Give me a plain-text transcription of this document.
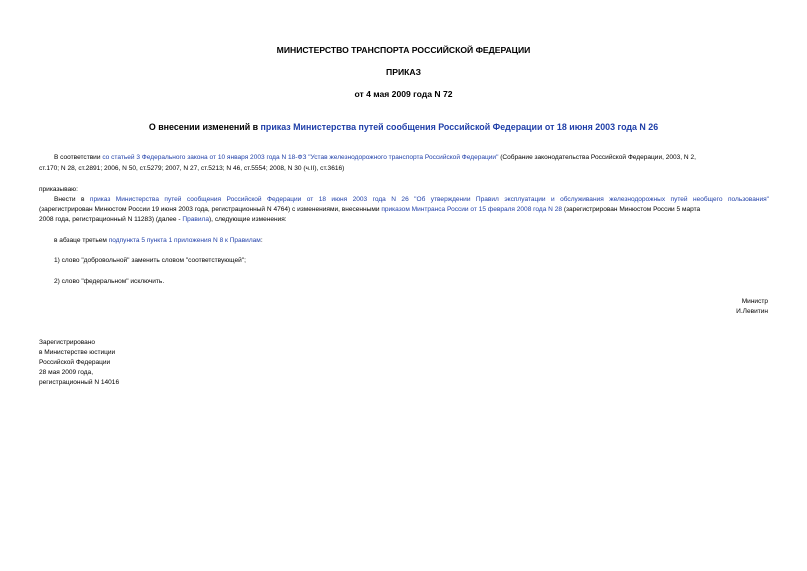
МИНИСТЕРСТВО ТРАНСПОРТА РОССИЙСКОЙ ФЕДЕРАЦИИ
ПРИКАЗ
от 4 мая 2009 года N 72
О внесении изменений в приказ Министерства путей сообщения Российской Федерации от 18 июня 2003 года N 26
В соответствии со статьей 3 Федерального закона от 10 января 2003 года N 18-ФЗ "Устав железнодорожного транспорта Российской Федерации" (Собрание законодательства Российской Федерации, 2003, N 2,
ст.170; N 28, ст.2891; 2006, N 50, ст.5279; 2007, N 27, ст.5213; N 46, ст.5554; 2008, N 30 (ч.II), ст.3616)
приказываю:
Внести в приказ Министерства путей сообщения Российской Федерации от 18 июня 2003 года N 26 "Об утверждении Правил эксплуатации и обслуживания железнодорожных путей необщего пользования"
(зарегистрирован Минюстом России 19 июня 2003 года, регистрационный N 4764) с изменениями, внесенными приказом Минтранса России от 15 февраля 2008 года N 28 (зарегистрирован Минюстом России 5 марта
2008 года, регистрационный N 11283) (далее - Правила), следующие изменения:
в абзаце третьем подпункта 5 пункта 1 приложения N 8 к Правилам:
1) слово "добровольной" заменить словом "соответствующей";
2) слово "федеральном" исключить.
Министр
И.Левитин
Зарегистрировано
в Министерстве юстиции
Российской Федерации
28 мая 2009 года,
регистрационный N 14016
